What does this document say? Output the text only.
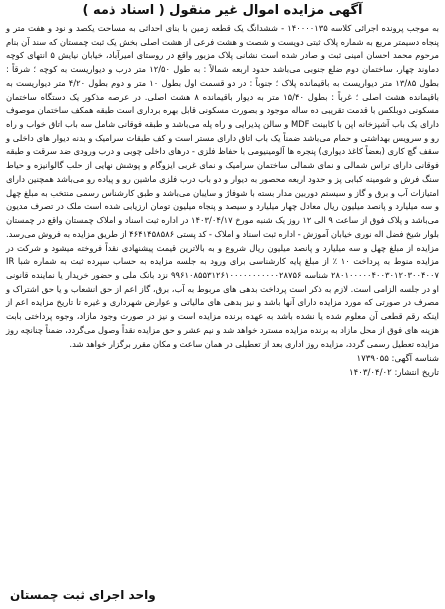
آگهی مزایده اموال غیر منقول ( اسناد ذمه )

به موجب پرونده اجرائی کلاسه ۱۴۰۰۰۰۱۳۵ - ششدانگ یک قطعه زمین با بنای احداثی به مساحت یکصد و نود و هفت متر و پنجاه دسیمتر مربع به شماره پلاک ثبتی دویست و شصت و هشت فرعی از هشت اصلی بخش یک ثبت چمستان که سند آن بنام مرحوم محمد احسان امینی ثبت و صادر شده است نشانی پلاک مزبور واقع در روستای امیرآباد، خیابان نیایش ۵ انتهای کوچه دماوند چهار، ساختمان دوم ضلع جنوبی می‌باشد حدود اربعه شمالاً : به طول ۱۲/۵۰ متر درب و دیواریست به کوچه ؛ شرقاً : بطول ۱۳/۸۵ متر دیواریست به باقیمانده پلاک ؛ جنوباً : در دو قسمت اول بطول ۱۰ متر و دوم بطول ۴/۲۰ متر دیواریست به باقیمانده هشت اصلی ؛ غرباً : بطول ۱۵/۴۰ متر به دیوار باقیمانده ۸ هشت اصلی. در عرصه مذکور یک دستگاه ساختمان مسکونی دوبلکس با قدمت تقریبی ده ساله موجود و بصورت مسکونی قابل بهره برداری است طبقه همکف ساختمان موصوف دارای یک باب آشپزخانه اپن با کابینت MDF و سالن پذیرایی و راه پله می‌باشد و طبقه فوقانی شامل سه باب اتاق خواب و راه رو و سرویس بهداشتی و حمام می‌باشد ضمناً یک باب اتاق دارای مستر است و کف طبقات سرامیک و بدنه دیوار های داخلی و سقف گچ کاری (بعضاً کاغذ دیواری) پنجره ها آلومینیومی با حفاظ فلزی - درهای داخلی چوبی و درب ورودی ضد سرقت و طبقه فوقانی دارای تراس شمالی و نمای شمالی ساختمان سرامیک و نمای غربی ایزوگام و پوشش نهایی از حلب گالوانیزه و حیاط سنگ فرش و شومینه کبابی پز و حدود اربعه محصور به دیوار و دو باب درب فلزی ماشین رو و پیاده رو می‌باشد همچنین دارای امتیازات آب و برق و گاز و سیستم دوربین مدار بسته با شوفاژ و سایبان می‌باشد و طبق کارشناس رسمی منتخب به مبلغ چهل و سه میلیارد و پانصد میلیون ریال معادل چهار میلیارد و سیصد و پنجاه میلیون تومان ارزیابی شده است ملک در تصرف مدیون می‌باشد و پلاک فوق از ساعت ۹ الی ۱۲ روز یک شنبه مورخ ۱۴۰۳/۰۴/۱۷ در اداره ثبت اسناد و املاک چمستان واقع در چمستان بلوار شیخ فضل اله نوری خیابان آموزش - اداره ثبت اسناد و املاک - کد پستی ۴۶۴۱۴۵۸۵۸۶ از طریق مزایده به فروش می‌رسد. مزایده از مبلغ چهل و سه میلیارد و پانصد میلیون ریال شروع و به بالاترین قیمت پیشنهادی نقداً فروخته میشود و شرکت در مزایده منوط به پرداخت ۱۰ ٪ از مبلغ پایه کارشناسی برای ورود به جلسه مزایده به حساب سپرده ثبت به شماره شبا IR ۲۸۰۱۰۰۰۰۰۴۰۰۳۰۱۲۰۳۰۰۴۰۰۷ شناسه ۹۹۶۱۰۸۵۵۳۱۲۶۱۰۰۰۰۰۰۰۰۰۰۰۲۸۷۵۶ نزد بانک ملی و حضور خریدار یا نماینده قانونی او در جلسه الزامی است. لازم به ذکر است پرداخت بدهی های مربوط به آب، برق، گاز اعم از حق انشعاب و یا حق اشتراک و مصرف در صورتی که مورد مزایده دارای آنها باشد و نیز بدهی های مالیاتی و عوارض شهرداری و غیره تا تاریخ مزایده اعم از اینکه رقم قطعی آن معلوم شده یا نشده باشد به عهده برنده مزایده است و نیز در صورت وجود مازاد، وجوه پرداختی بابت هزینه های فوق از محل مازاد به برنده مزایده مسترد خواهد شد و نیم عشر و حق مزایده نقداً وصول می‌گردد، ضمناً چنانچه روز مزایده تعطیل رسمی گردد، مزایده روز اداری بعد از تعطیلی در همان ساعت و مکان مقرر برگزار خواهد شد.

شناسه آگهی: ۱۷۳۹۰۵۵
تاریخ انتشار: ۱۴۰۳/۰۴/۰۲
واحد اجرای ثبت چمستان
